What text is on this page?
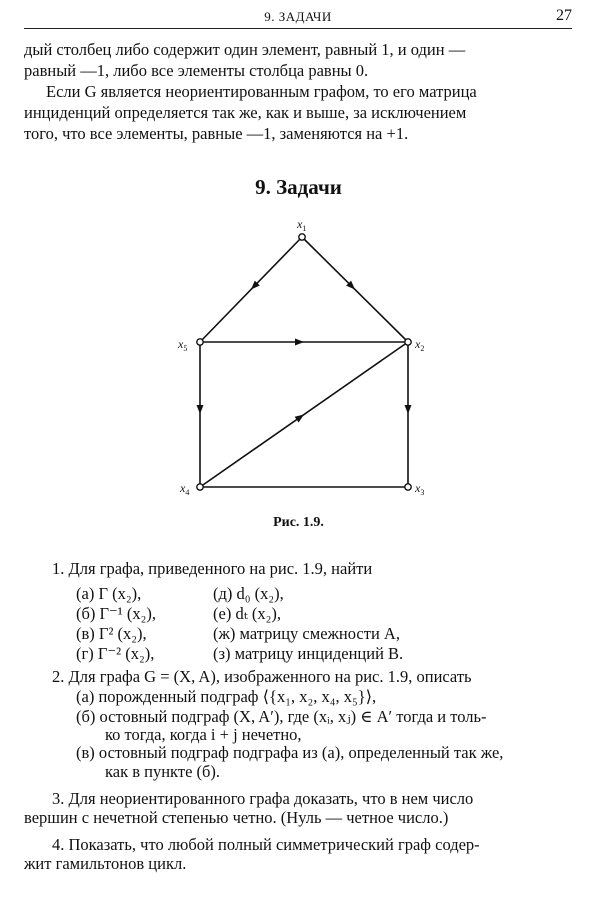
9. ЗАДАЧИ	27
дый столбец либо содержит один элемент, равный 1, и один —
равный —1, либо все элементы столбца равны 0.
Если G является неориентированным графом, то его матрица
инциденций определяется так же, как и выше, за исключением
того, что все элементы, равные —1, заменяются на +1.
9. Задачи
$x_1$
$x_2$
$x_3$
$x_4$
$x_5$
Рис. 1.9.
1. Для графа, приведенного на рис. 1.9, найти
(а) Γ (x₂),
(б) Γ⁻¹ (x₂),
(в) Γ² (x₂),
(г) Γ⁻² (x₂),
(д) d₀ (x₂),
(е) dₜ (x₂),
(ж) матрицу смежности A,
(з) матрицу инциденций B.
2. Для графа G = (X, A), изображенного на рис. 1.9, описать
(а) порожденный подграф ⟨{x₁, x₂, x₄, x₅}⟩,
(б) остовный подграф (X, A′), где (xᵢ, xⱼ) ∈ A′ тогда и толь-
ко тогда, когда i + j нечетно,
(в) остовный подграф подграфа из (а), определенный так же,
как в пункте (б).
3. Для неориентированного графа доказать, что в нем число
вершин с нечетной степенью четно. (Нуль — четное число.)
4. Показать, что любой полный симметрический граф содер-
жит гамильтонов цикл.
